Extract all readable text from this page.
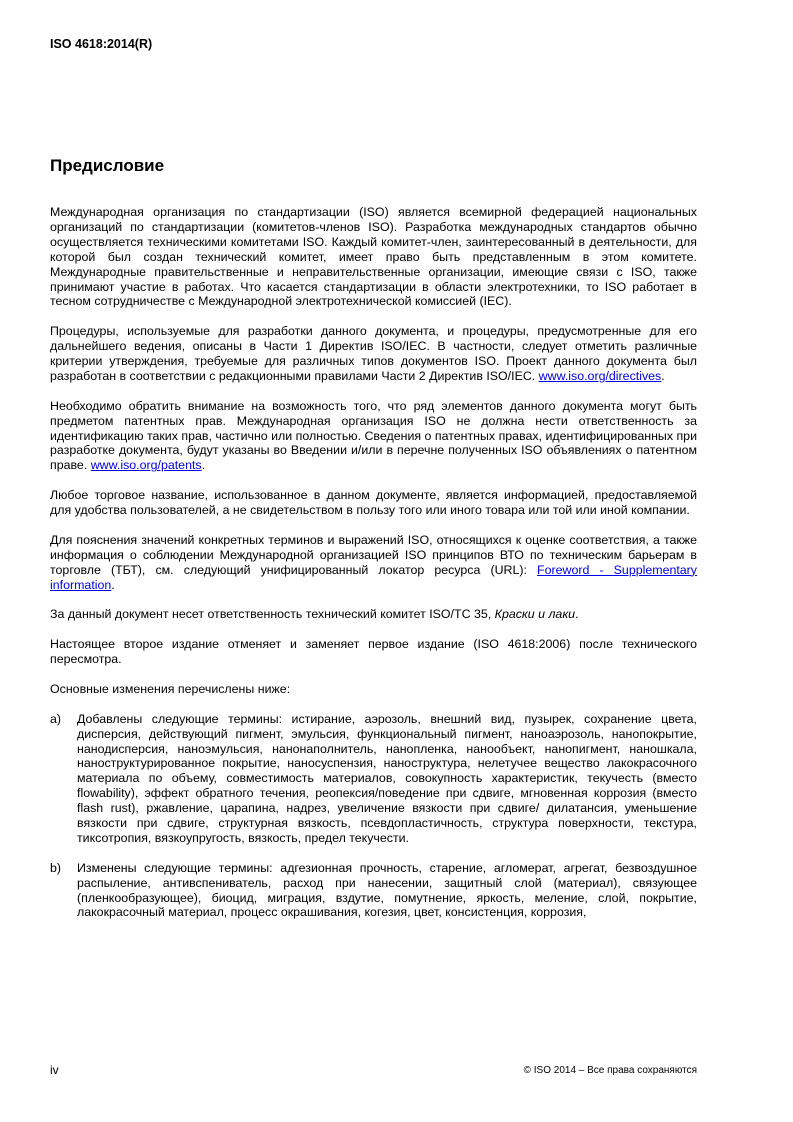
ISO 4618:2014(R)
Предисловие

Международная организация по стандартизации (ISO) является всемирной федерацией национальных организаций по стандартизации (комитетов-членов ISO). Разработка международных стандартов обычно осуществляется техническими комитетами ISO. Каждый комитет-член, заинтересованный в деятельности, для которой был создан технический комитет, имеет право быть представленным в этом комитете. Международные правительственные и неправительственные организации, имеющие связи с ISO, также принимают участие в работах. Что касается стандартизации в области электротехники, то ISO работает в тесном сотрудничестве с Международной электротехнической комиссией (IEC).

Процедуры, используемые для разработки данного документа, и процедуры, предусмотренные для его дальнейшего ведения, описаны в Части 1 Директив ISO/IEC. В частности, следует отметить различные критерии утверждения, требуемые для различных типов документов ISO. Проект данного документа был разработан в соответствии с редакционными правилами Части 2 Директив ISO/IEC. www.iso.org/directives.

Необходимо обратить внимание на возможность того, что ряд элементов данного документа могут быть предметом патентных прав. Международная организация ISO не должна нести ответственность за идентификацию таких прав, частично или полностью. Сведения о патентных правах, идентифицированных при разработке документа, будут указаны во Введении и/или в перечне полученных ISO объявлениях о патентном праве. www.iso.org/patents.

Любое торговое название, использованное в данном документе, является информацией, предоставляемой для удобства пользователей, а не свидетельством в пользу того или иного товара или той или иной компании.

Для пояснения значений конкретных терминов и выражений ISO, относящихся к оценке соответствия, а также информация о соблюдении Международной организацией ISO принципов ВТО по техническим барьерам в торговле (ТБТ), см. следующий унифицированный локатор ресурса (URL): Foreword - Supplementary information.

За данный документ несет ответственность технический комитет ISO/TC 35, Краски и лаки.

Настоящее второе издание отменяет и заменяет первое издание (ISO 4618:2006) после технического пересмотра.

Основные изменения перечислены ниже:

a) Добавлены следующие термины: истирание, аэрозоль, внешний вид, пузырек, сохранение цвета, дисперсия, действующий пигмент, эмульсия, функциональный пигмент, наноаэрозоль, нанопокрытие, нанодисперсия, наноэмульсия, нанонаполнитель, нанопленка, нанообъект, нанопигмент, наношкала, наноструктурированное покрытие, наносуспензия, наноструктура, нелетучее вещество лакокрасочного материала по объему, совместимость материалов, совокупность характеристик, текучесть (вместо flowability), эффект обратного течения, реопексия/поведение при сдвиге, мгновенная коррозия (вместо flash rust), ржавление, царапина, надрез, увеличение вязкости при сдвиге/ дилатансия, уменьшение вязкости при сдвиге, структурная вязкость, псевдопластичность, структура поверхности, текстура, тиксотропия, вязкоупругость, вязкость, предел текучести.
b) Изменены следующие термины: адгезионная прочность, старение, агломерат, агрегат, безвоздушное распыление, антивспениватель, расход при нанесении, защитный слой (материал), связующее (пленкообразующее), биоцид, миграция, вздутие, помутнение, яркость, меление, слой, покрытие, лакокрасочный материал, процесс окрашивания, когезия, цвет, консистенция, коррозия,
iv	© ISO 2014 – Все права сохраняются
